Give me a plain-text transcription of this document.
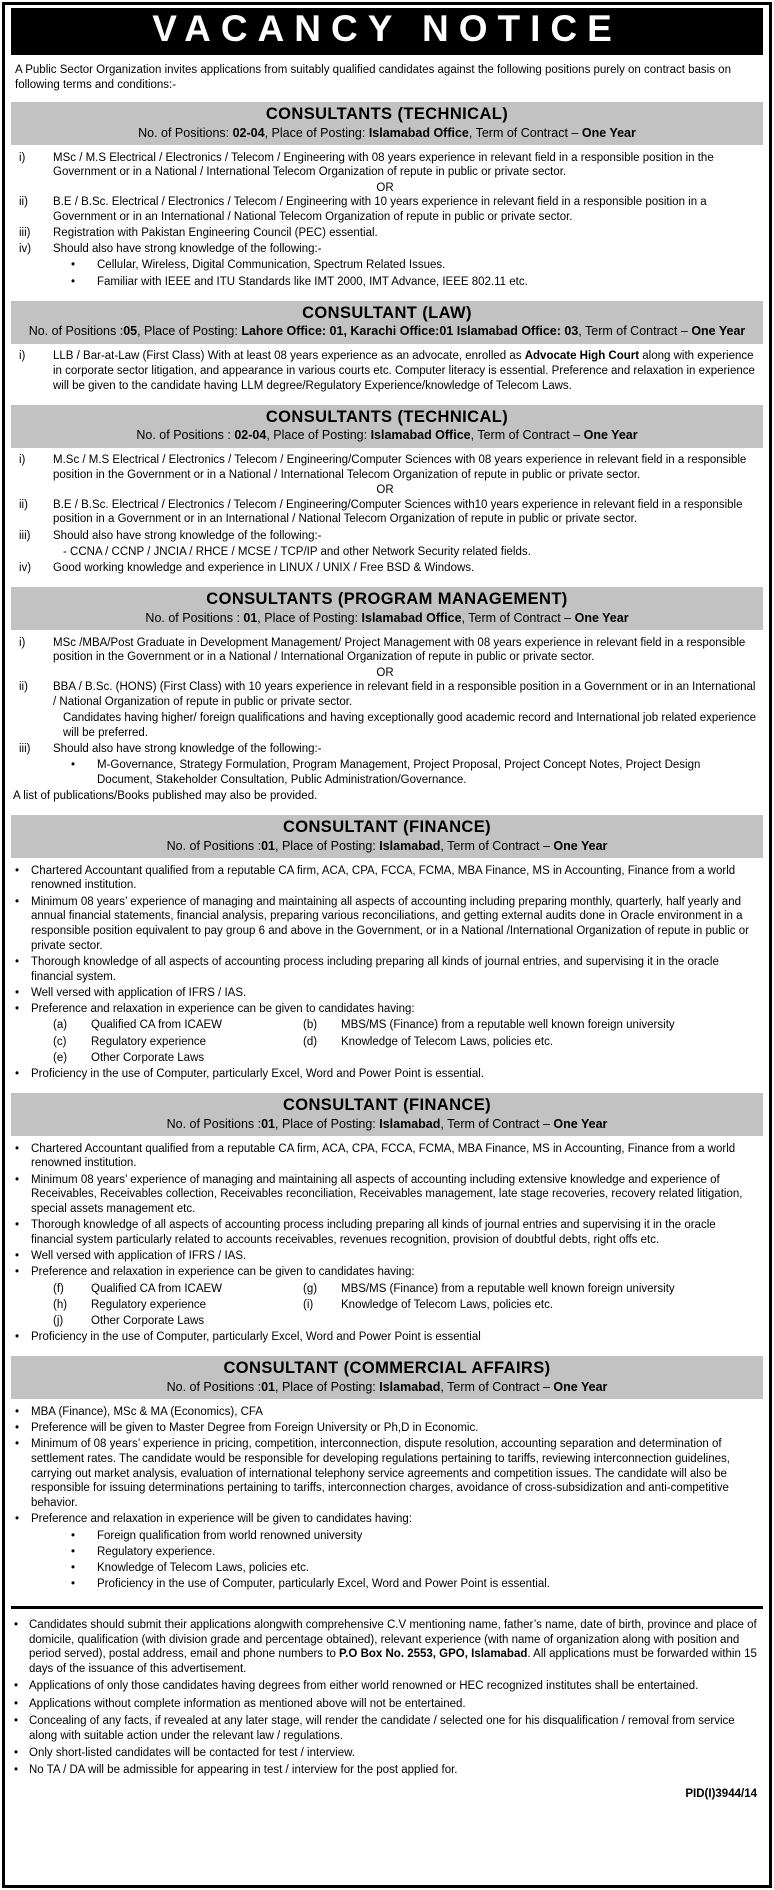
VACANCY NOTICE

A Public Sector Organization invites applications from suitably qualified candidates against the following positions purely on contract basis on following terms and conditions:-

CONSULTANTS (TECHNICAL)

No. of Positions: 02-04, Place of Posting: Islamabad Office, Term of Contract – One Year

i)	MSc / M.S Electrical / Electronics / Telecom / Engineering with 08 years experience in relevant field in a responsible position in the Government or in a National / International Telecom Organization of repute in public or private sector.
OR
ii)	B.E / B.Sc. Electrical / Electronics / Telecom / Engineering with 10 years experience in relevant field in a responsible position in a Government or in an International / National Telecom Organization of repute in public or private sector.
iii)	Registration with Pakistan Engineering Council (PEC) essential.
iv)	Should also have strong knowledge of the following:-
•	Cellular, Wireless, Digital Communication, Spectrum Related Issues.
•	Familiar with IEEE and ITU Standards like IMT 2000, IMT Advance, IEEE 802.11 etc.
CONSULTANT (LAW)

No. of Positions :05, Place of Posting: Lahore Office: 01, Karachi Office:01 Islamabad Office: 03, Term of Contract – One Year

i)	LLB / Bar-at-Law (First Class) With at least 08 years experience as an advocate, enrolled as Advocate High Court along with experience in corporate sector litigation, and appearance in various courts etc. Computer literacy is essential. Preference and relaxation in experience will be given to the candidate having LLM degree/Regulatory Experience/knowledge of Telecom Laws.
CONSULTANTS (TECHNICAL)

No. of Positions : 02-04, Place of Posting: Islamabad Office, Term of Contract – One Year

i)	M.Sc / M.S Electrical / Electronics / Telecom / Engineering/Computer Sciences with 08 years experience in relevant field in a responsible position in the Government or in a National / International Telecom Organization of repute in public or private sector.
OR
ii)	B.E / B.Sc. Electrical / Electronics / Telecom / Engineering/Computer Sciences with10 years experience in relevant field in a responsible position in a Government or in an International / National Telecom Organization of repute in public or private sector.
iii)	Should also have strong knowledge of the following:-
- CCNA / CCNP / JNCIA / RHCE / MCSE / TCP/IP and other Network Security related fields.
iv)	Good working knowledge and experience in LINUX / UNIX / Free BSD & Windows.
CONSULTANTS (PROGRAM MANAGEMENT)

No. of Positions : 01, Place of Posting: Islamabad Office, Term of Contract – One Year

i)	MSc /MBA/Post Graduate in Development Management/ Project Management with 08 years experience in relevant field in a responsible position in the Government or in a National / International Organization of repute in public or private sector.
OR
ii)	BBA / B.Sc. (HONS) (First Class) with 10 years experience in relevant field in a responsible position in a Government or in an International / National Organization of repute in public or private sector.
Candidates having higher/ foreign qualifications and having exceptionally good academic record and International job related experience will be preferred.
iii)	Should also have strong knowledge of the following:-
•	M-Governance, Strategy Formulation, Program Management, Project Proposal, Project Concept Notes, Project Design Document, Stakeholder Consultation, Public Administration/Governance.
A list of publications/Books published may also be provided.
CONSULTANT (FINANCE)

No. of Positions :01, Place of Posting: Islamabad, Term of Contract – One Year

•	Chartered Accountant qualified from a reputable CA firm, ACA, CPA, FCCA, FCMA, MBA Finance, MS in Accounting, Finance from a world renowned institution.
•	Minimum 08 years’ experience of managing and maintaining all aspects of accounting including preparing monthly, quarterly, half yearly and annual financial statements, financial analysis, preparing various reconciliations, and getting external audits done in Oracle environment in a responsible position equivalent to pay group 6 and above in the Government, or in a National /International Organization of repute in public or private sector.
•	Thorough knowledge of all aspects of accounting process including preparing all kinds of journal entries, and supervising it in the oracle financial system.
•	Well versed with application of IFRS / IAS.
•	Preference and relaxation in experience can be given to candidates having:
(a)	Qualified CA from ICAEW	(b)	MBS/MS (Finance) from a reputable well known foreign university
(c)	Regulatory experience	(d)	Knowledge of Telecom Laws, policies etc.
(e)	Other Corporate Laws
•	Proficiency in the use of Computer, particularly Excel, Word and Power Point is essential.
CONSULTANT (FINANCE)

No. of Positions :01, Place of Posting: Islamabad, Term of Contract – One Year

•	Chartered Accountant qualified from a reputable CA firm, ACA, CPA, FCCA, FCMA, MBA Finance, MS in Accounting, Finance from a world renowned institution.
•	Minimum 08 years’ experience of managing and maintaining all aspects of accounting including extensive knowledge and experience of Receivables, Receivables collection, Receivables reconciliation, Receivables management, late stage recoveries, recovery related litigation, special assets management etc.
•	Thorough knowledge of all aspects of accounting process including preparing all kinds of journal entries and supervising it in the oracle financial system particularly related to accounts receivables, revenues recognition, provision of doubtful debts, right offs etc.
•	Well versed with application of IFRS / IAS.
•	Preference and relaxation in experience can be given to candidates having:
(f)	Qualified CA from ICAEW	(g)	MBS/MS (Finance) from a reputable well known foreign university
(h)	Regulatory experience	(i)	Knowledge of Telecom Laws, policies etc.
(j)	Other Corporate Laws
•	Proficiency in the use of Computer, particularly Excel, Word and Power Point is essential
CONSULTANT (COMMERCIAL AFFAIRS)

No. of Positions :01, Place of Posting: Islamabad, Term of Contract – One Year

•	MBA (Finance), MSc & MA (Economics), CFA
•	Preference will be given to Master Degree from Foreign University or Ph,D in Economic.
•	Minimum of 08 years’ experience in pricing, competition, interconnection, dispute resolution, accounting separation and determination of settlement rates. The candidate would be responsible for developing regulations pertaining to tariffs, reviewing interconnection guidelines, carrying out market analysis, evaluation of international telephony service agreements and competition issues. The candidate will also be responsible for issuing determinations pertaining to tariffs, interconnection charges, avoidance of cross-subsidization and anti-competitive behavior.
•	Preference and relaxation in experience will be given to candidates having:
•	Foreign qualification from world renowned university
•	Regulatory experience.
•	Knowledge of Telecom Laws, policies etc.
•	Proficiency in the use of Computer, particularly Excel, Word and Power Point is essential.
• Candidates should submit their applications alongwith comprehensive C.V mentioning name, father’s name, date of birth, province and place of domicile, qualification (with division grade and percentage obtained), relevant experience (with name of organization along with position and period served), postal address, email and phone numbers to P.O Box No. 2553, GPO, Islamabad. All applications must be forwarded within 15 days of the issuance of this advertisement.
• Applications of only those candidates having degrees from either world renowned or HEC recognized institutes shall be entertained.
• Applications without complete information as mentioned above will not be entertained.
• Concealing of any facts, if revealed at any later stage, will render the candidate / selected one for his disqualification / removal from service along with suitable action under the relevant law / regulations.
• Only short-listed candidates will be contacted for test / interview.
• No TA / DA will be admissible for appearing in test / interview for the post applied for.
PID(I)3944/14
